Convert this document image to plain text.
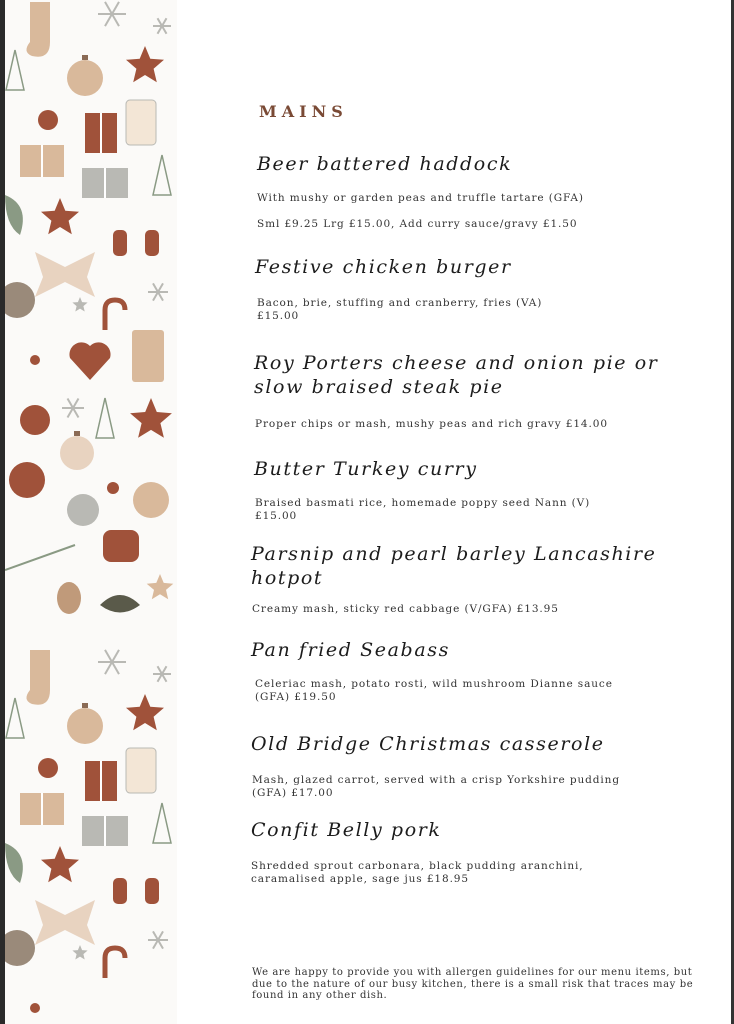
MAINS
Beer battered haddock
With mushy or garden peas and truffle tartare (GFA)
Sml £9.25 Lrg £15.00, Add curry sauce/gravy £1.50
Festive chicken burger
Bacon, brie, stuffing and cranberry, fries (VA)
£15.00
Roy Porters cheese and onion pie or
slow braised steak pie
Proper chips or mash, mushy peas and rich gravy £14.00
Butter Turkey curry
Braised basmati rice, homemade poppy seed Nann (V)
£15.00
Parsnip and pearl barley Lancashire
hotpot
Creamy mash, sticky red cabbage (V/GFA) £13.95
Pan fried Seabass
Celeriac mash, potato rosti, wild mushroom Dianne sauce
(GFA) £19.50
Old Bridge Christmas casserole
Mash, glazed carrot, served with a crisp Yorkshire pudding
(GFA) £17.00
Confit Belly pork
Shredded sprout carbonara, black pudding aranchini,
caramalised apple, sage jus £18.95
We are happy to provide you with allergen guidelines for our menu items, but
due to the nature of our busy kitchen, there is a small risk that traces may be
found in any other dish.
